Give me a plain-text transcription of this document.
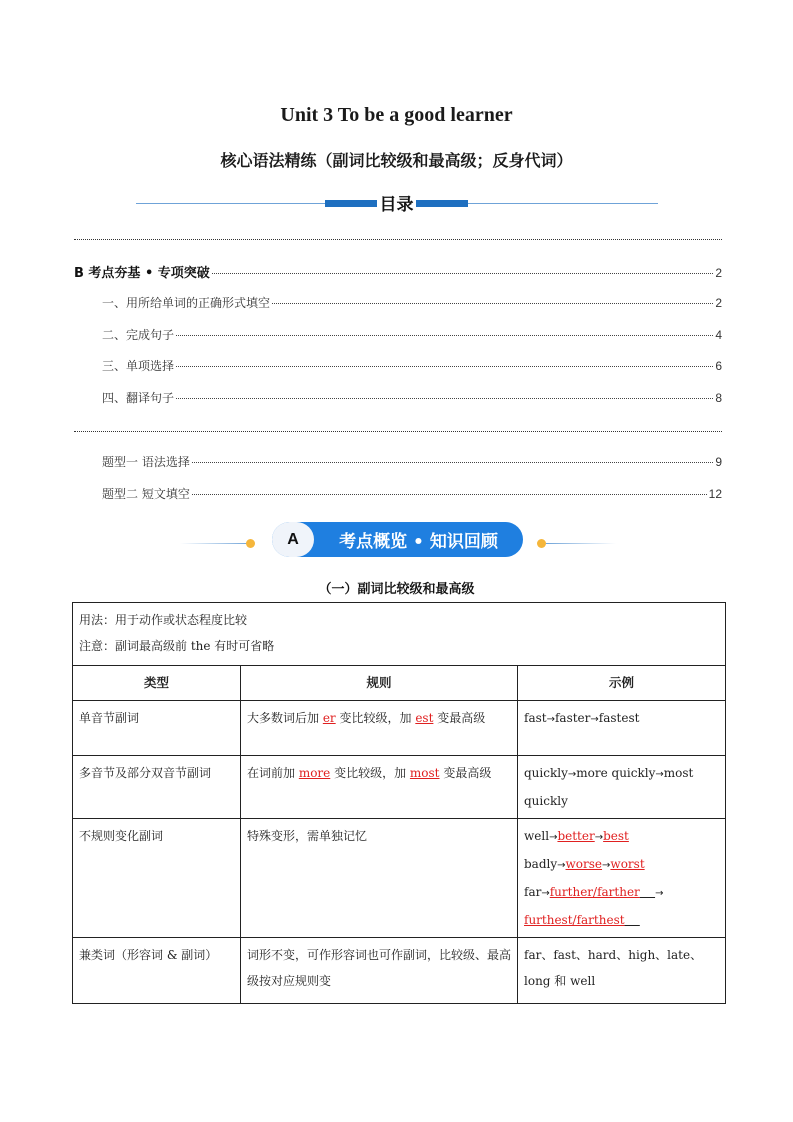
Unit 3 To be a good learner
核心语法精练（副词比较级和最高级；反身代词）
目录
B 考点夯基 • 专项突破	2
一、用所给单词的正确形式填空	2
二、完成句子	4
三、单项选择	6
四、翻译句子	8
题型一 语法选择	9
题型二 短文填空	12
A	考点概览 • 知识回顾
（一）副词比较级和最高级
用法：用于动作或状态程度比较
注意：副词最高级前 the 有时可省略		

类型	规则	示例
单音节副词	大多数词后加 er 变比较级，加 est 变最高级	fast→faster→fastest
多音节及部分双音节副词	在词前加 more 变比较级，加 most 变最高级	quickly→more quickly→most quickly
不规则变化副词	特殊变形，需单独记忆	well→better→best
badly→worse→worst
far→further/farther →
furthest/farthest

兼类词（形容词 & 副词）	词形不变，可作形容词也可作副词，比较级、最高级按对应规则变	far、fast、hard、high、late、long 和 well
